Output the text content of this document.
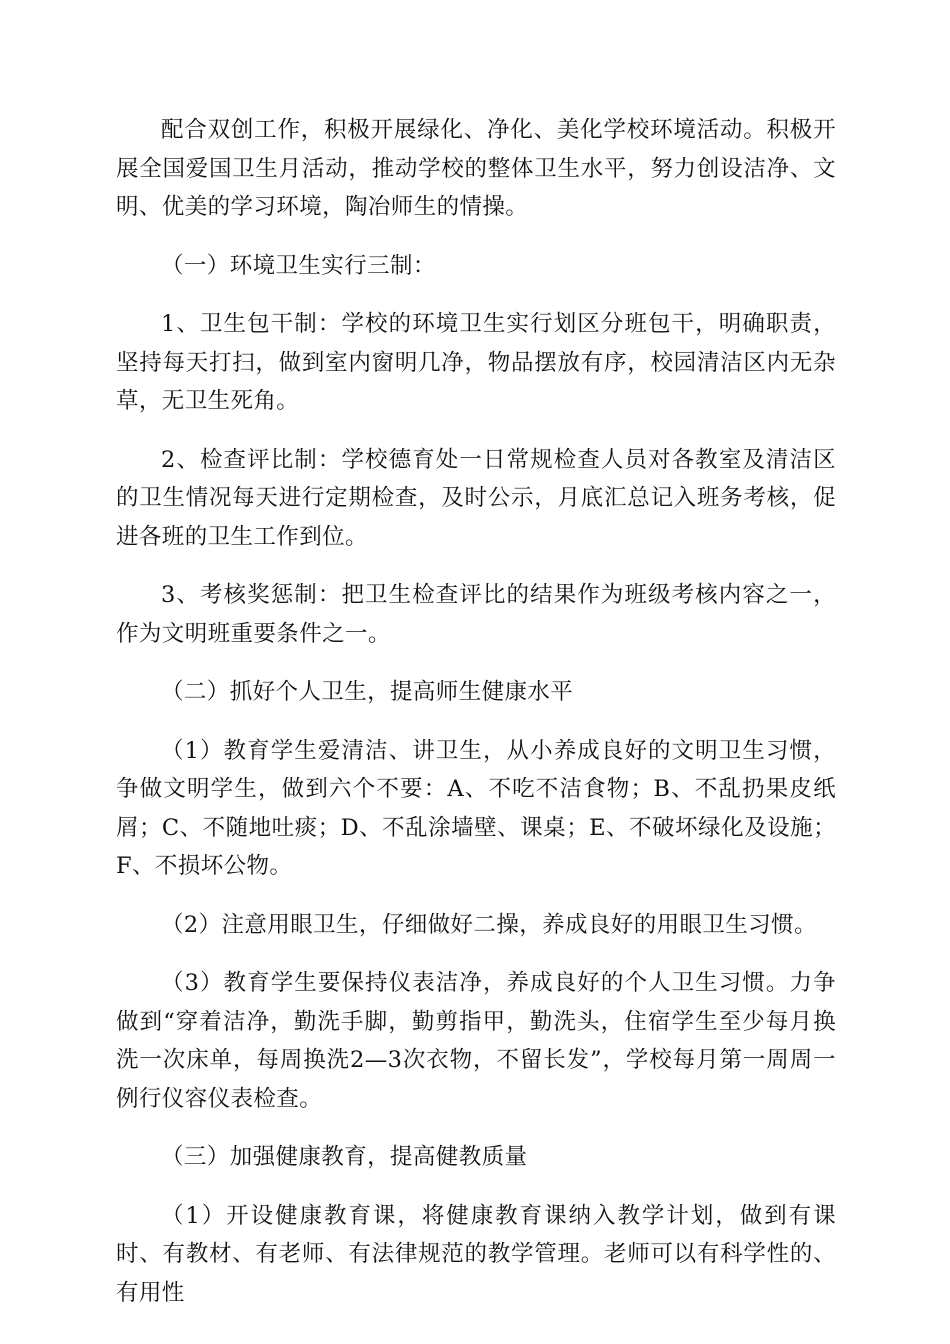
配合双创工作，积极开展绿化、净化、美化学校环境活动。积极开展全国爱国卫生月活动，推动学校的整体卫生水平，努力创设洁净、文明、优美的学习环境，陶冶师生的情操。

（一）环境卫生实行三制：

1、卫生包干制：学校的环境卫生实行划区分班包干，明确职责，坚持每天打扫，做到室内窗明几净，物品摆放有序，校园清洁区内无杂草，无卫生死角。

2、检查评比制：学校德育处一日常规检查人员对各教室及清洁区的卫生情况每天进行定期检查，及时公示，月底汇总记入班务考核，促进各班的卫生工作到位。

3、考核奖惩制：把卫生检查评比的结果作为班级考核内容之一，作为文明班重要条件之一。

（二）抓好个人卫生，提高师生健康水平

（1）教育学生爱清洁、讲卫生，从小养成良好的文明卫生习惯，争做文明学生，做到六个不要：A、不吃不洁食物；B、不乱扔果皮纸屑；C、不随地吐痰；D、不乱涂墙壁、课桌；E、不破坏绿化及设施；F、不损坏公物。

（2）注意用眼卫生，仔细做好二操，养成良好的用眼卫生习惯。

（3）教育学生要保持仪表洁净，养成良好的个人卫生习惯。力争做到“穿着洁净，勤洗手脚，勤剪指甲，勤洗头，住宿学生至少每月换洗一次床单，每周换洗2—3次衣物，不留长发”，学校每月第一周周一例行仪容仪表检查。

（三）加强健康教育，提高健教质量

（1）开设健康教育课，将健康教育课纳入教学计划，做到有课时、有教材、有老师、有法律规范的教学管理。老师可以有科学性的、有用性
